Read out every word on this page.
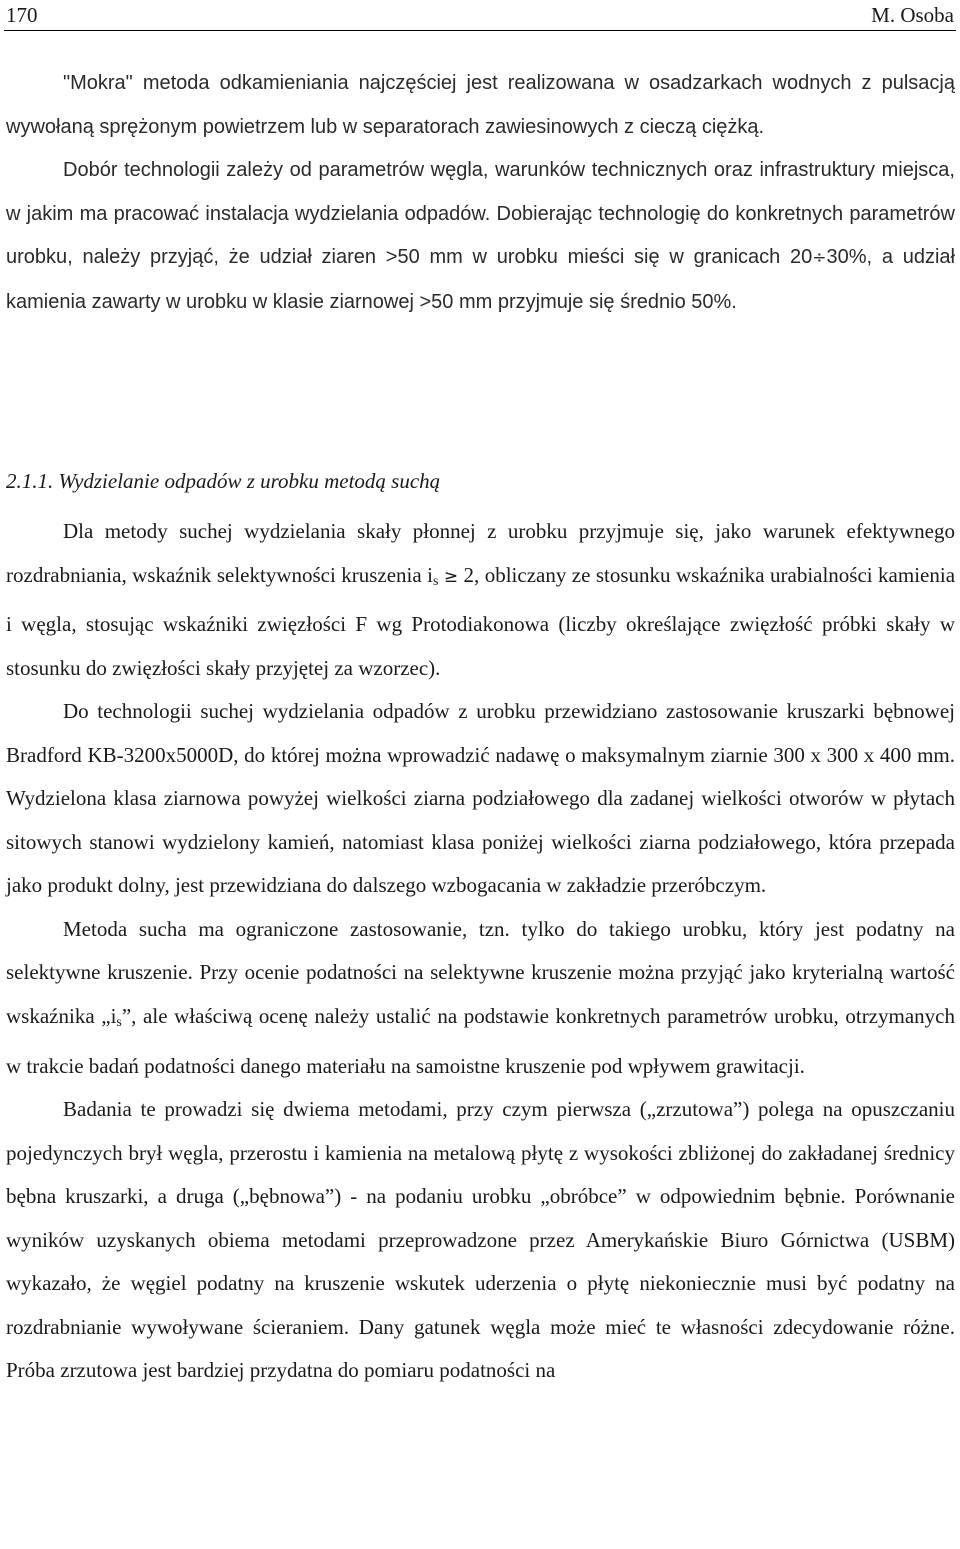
170	M. Osoba

"Mokra" metoda odkamieniania najczęściej jest realizowana w osadzarkach wodnych z pulsacją wywołaną sprężonym powietrzem lub w separatorach zawiesinowych z cieczą ciężką.

Dobór technologii zależy od parametrów węgla, warunków technicznych oraz infrastruktury miejsca, w jakim ma pracować instalacja wydzielania odpadów. Dobierając technologię do konkretnych parametrów urobku, należy przyjąć, że udział ziaren >50 mm w urobku mieści się w granicach 20÷30%, a udział kamienia zawarty w urobku w klasie ziarnowej >50 mm przyjmuje się średnio 50%.

2.1.1. Wydzielanie odpadów z urobku metodą suchą

Dla metody suchej wydzielania skały płonnej z urobku przyjmuje się, jako warunek efektywnego rozdrabniania, wskaźnik selektywności kruszenia $i_s \ge 2$, obliczany ze stosunku wskaźnika urabialności kamienia i węgla, stosując wskaźniki zwięzłości F wg Protodiakonowa (liczby określające zwięzłość próbki skały w stosunku do zwięzłości skały przyjętej za wzorzec).

Do technologii suchej wydzielania odpadów z urobku przewidziano zastosowanie kruszarki bębnowej Bradford KB-3200x5000D, do której można wprowadzić nadawę o maksymalnym ziarnie 300 x 300 x 400 mm. Wydzielona klasa ziarnowa powyżej wielkości ziarna podziałowego dla zadanej wielkości otworów w płytach sitowych stanowi wydzielony kamień, natomiast klasa poniżej wielkości ziarna podziałowego, która przepada jako produkt dolny, jest przewidziana do dalszego wzbogacania w zakładzie przeróbczym.

Metoda sucha ma ograniczone zastosowanie, tzn. tylko do takiego urobku, który jest podatny na selektywne kruszenie. Przy ocenie podatności na selektywne kruszenie można przyjąć jako kryterialną wartość wskaźnika $„i_s$”, ale właściwą ocenę należy ustalić na podstawie konkretnych parametrów urobku, otrzymanych w trakcie badań podatności danego materiału na samoistne kruszenie pod wpływem grawitacji.

Badania te prowadzi się dwiema metodami, przy czym pierwsza („zrzutowa”) polega na opuszczaniu pojedynczych brył węgla, przerostu i kamienia na metalową płytę z wysokości zbliżonej do zakładanej średnicy bębna kruszarki, a druga („bębnowa”) - na podaniu urobku „obróbce” w odpowiednim bębnie. Porównanie wyników uzyskanych obiema metodami przeprowadzone przez Amerykańskie Biuro Górnictwa (USBM) wykazało, że węgiel podatny na kruszenie wskutek uderzenia o płytę niekoniecznie musi być podatny na rozdrabnianie wywoływane ścieraniem. Dany gatunek węgla może mieć te własności zdecydowanie różne. Próba zrzutowa jest bardziej przydatna do pomiaru podatności na
